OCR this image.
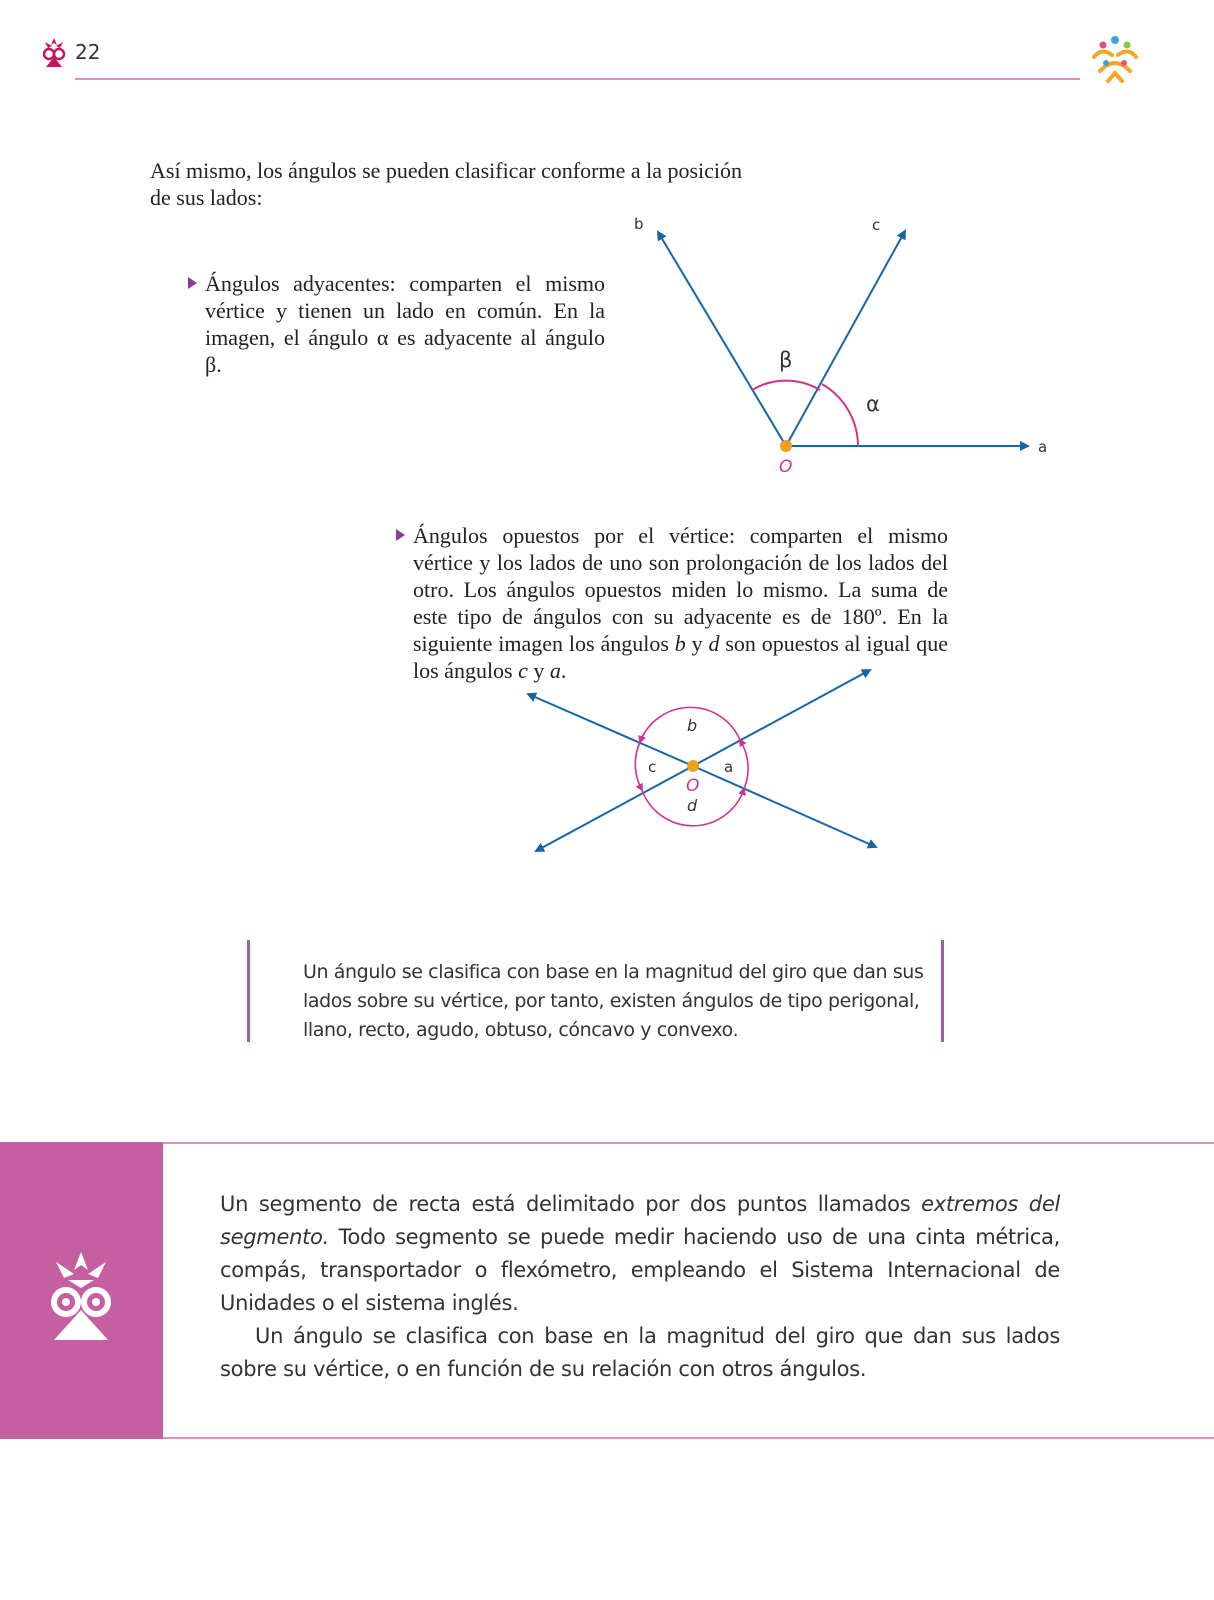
22
Así mismo, los ángulos se pueden clasificar conforme a la posición de sus lados:
Ángulos adyacentes: comparten el mismo vértice y tienen un lado en común. En la imagen, el ángulo α es adyacente al ángulo β.
O
a
b	c
α
β
Ángulos opuestos por el vértice: comparten el mismo vértice y los lados de uno son prolongación de los lados del otro. Los ángulos opuestos miden lo mismo. La suma de este tipo de ángulos con su adyacente es de 180º. En la siguiente imagen los ángulos b y d son opuestos al igual que los ángulos c y a.
O
b
c	a
d
Un ángulo se clasifica con base en la magnitud del giro que dan sus lados sobre su vértice, por tanto, existen ángulos de tipo perigonal, llano, recto, agudo, obtuso, cóncavo y convexo.

Un segmento de recta está delimitado por dos puntos llamados extremos del segmento. Todo segmento se puede medir haciendo uso de una cinta métrica, compás, transportador o flexómetro, empleando el Sistema Internacional de Unidades o el sistema inglés.

Un ángulo se clasifica con base en la magnitud del giro que dan sus lados sobre su vértice, o en función de su relación con otros ángulos.
